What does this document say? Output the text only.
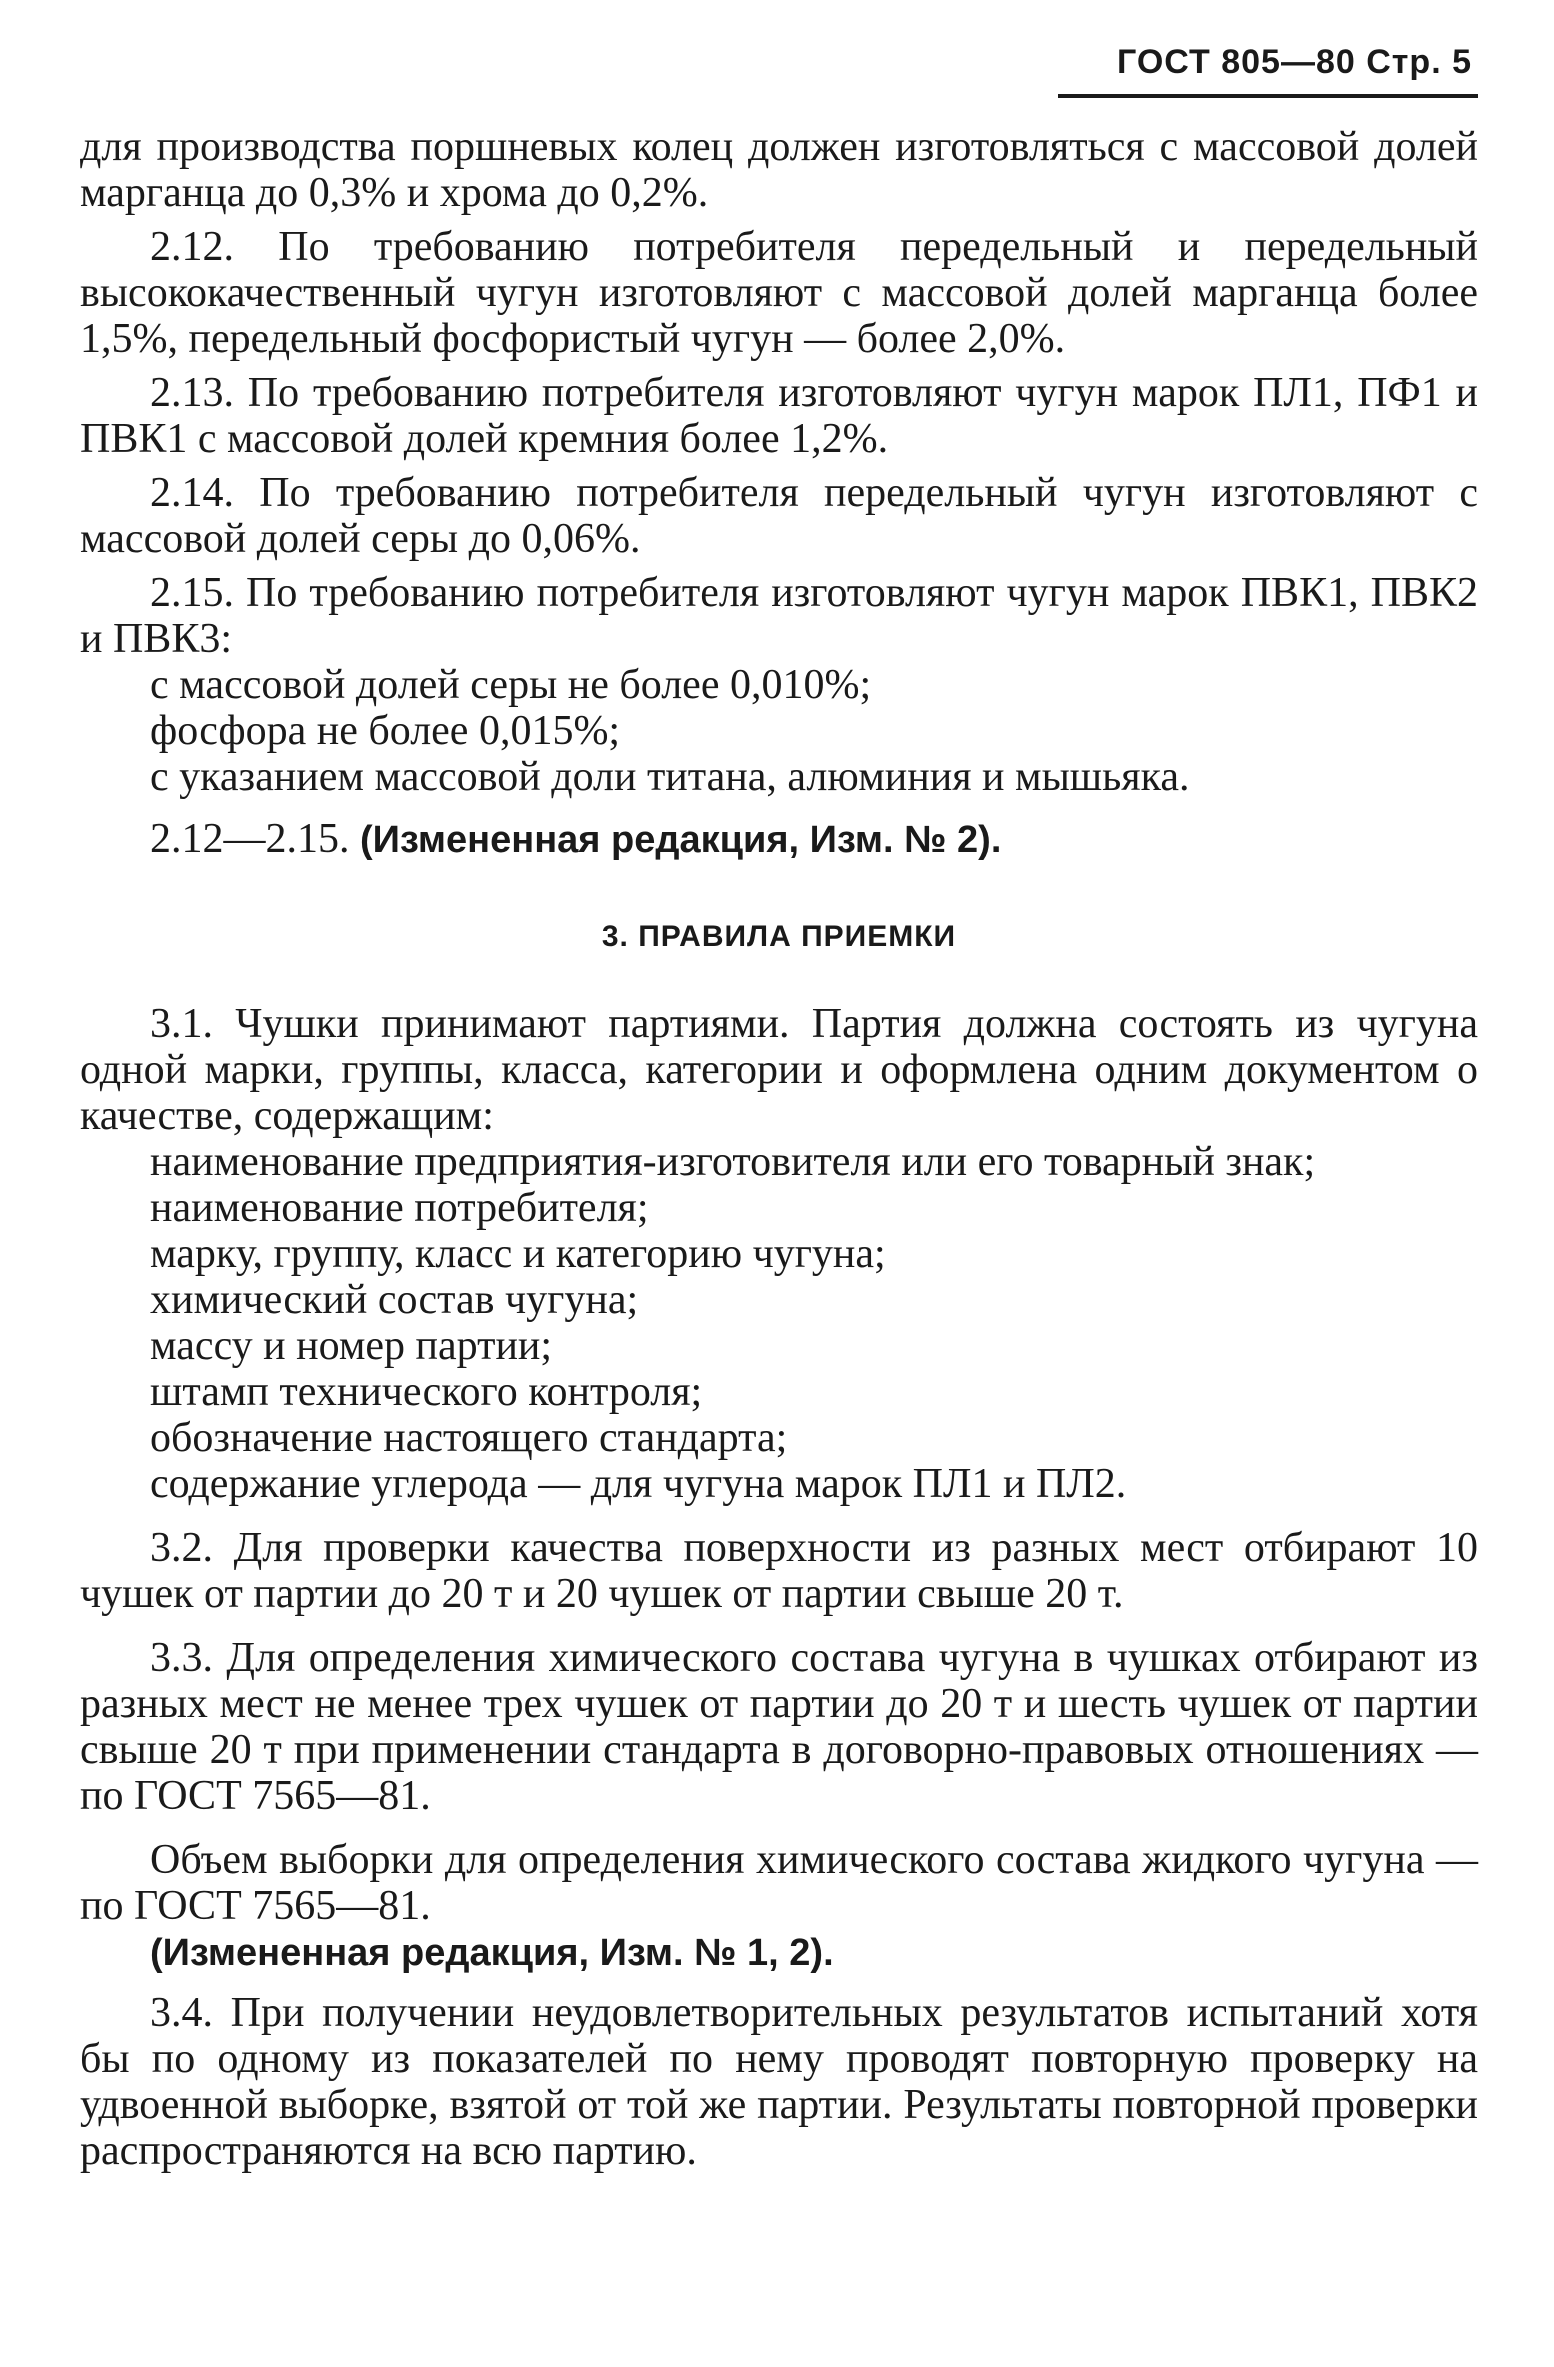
ГОСТ 805—80 Стр. 5

для производства поршневых колец должен изготовляться с массовой долей марганца до 0,3% и хрома до 0,2%.

2.12. По требованию потребителя передельный и передельный высококачественный чугун изготовляют с массовой долей марганца более 1,5%, передельный фосфористый чугун — более 2,0%.

2.13. По требованию потребителя изготовляют чугун марок ПЛ1, ПФ1 и ПВК1 с массовой долей кремния более 1,2%.

2.14. По требованию потребителя передельный чугун изготовляют с массовой долей серы до 0,06%.

2.15. По требованию потребителя изготовляют чугун марок ПВК1, ПВК2 и ПВК3:

с массовой долей серы не более 0,010%;

фосфора не более 0,015%;

с указанием массовой доли титана, алюминия и мышьяка.

2.12—2.15. (Измененная редакция, Изм. № 2).

3. ПРАВИЛА ПРИЕМКИ

3.1. Чушки принимают партиями. Партия должна состоять из чугуна одной марки, группы, класса, категории и оформлена одним документом о качестве, содержащим:

наименование предприятия-изготовителя или его товарный знак;

наименование потребителя;

марку, группу, класс и категорию чугуна;

химический состав чугуна;

массу и номер партии;

штамп технического контроля;

обозначение настоящего стандарта;

содержание углерода — для чугуна марок ПЛ1 и ПЛ2.

3.2. Для проверки качества поверхности из разных мест отбирают 10 чушек от партии до 20 т и 20 чушек от партии свыше 20 т.

3.3. Для определения химического состава чугуна в чушках отбирают из разных мест не менее трех чушек от партии до 20 т и шесть чушек от партии свыше 20 т при применении стандарта в договорно-правовых отношениях — по ГОСТ 7565—81.

Объем выборки для определения химического состава жидкого чугуна — по ГОСТ 7565—81.

(Измененная редакция, Изм. № 1, 2).

3.4. При получении неудовлетворительных результатов испытаний хотя бы по одному из показателей по нему проводят повторную проверку на удвоенной выборке, взятой от той же партии. Результаты повторной проверки распространяются на всю партию.
